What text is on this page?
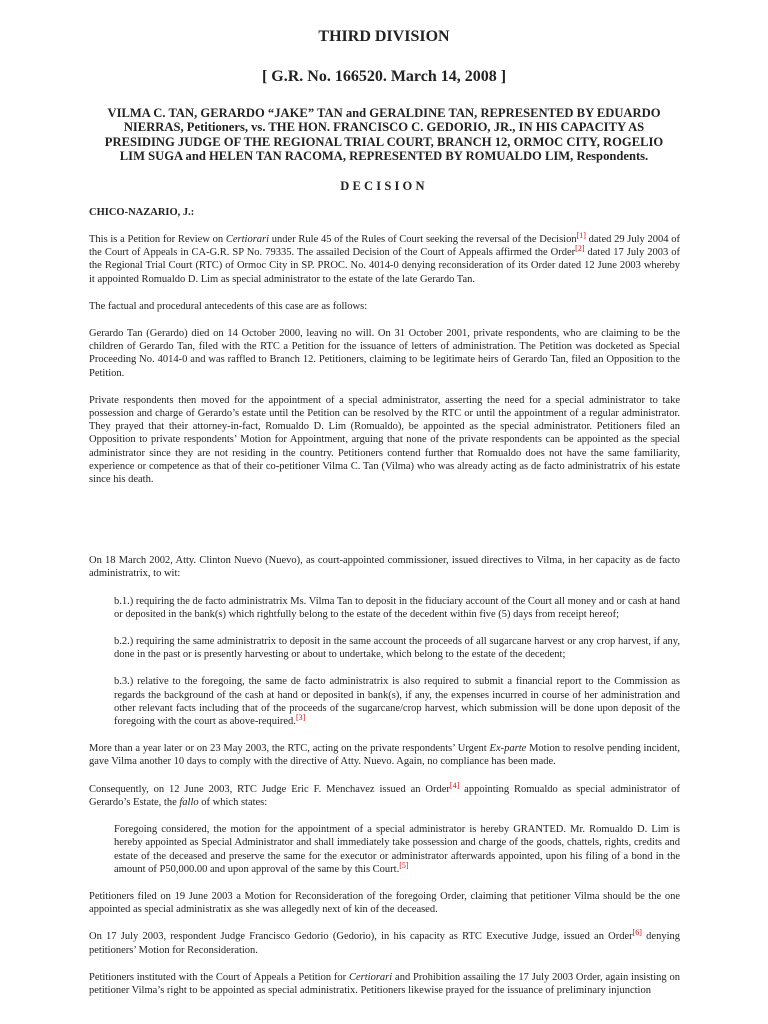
THIRD DIVISION
[ G.R. No. 166520. March 14, 2008 ]

VILMA C. TAN, GERARDO “JAKE” TAN and GERALDINE TAN, REPRESENTED BY EDUARDO NIERRAS, Petitioners, vs. THE HON. FRANCISCO C. GEDORIO, JR., IN HIS CAPACITY AS PRESIDING JUDGE OF THE REGIONAL TRIAL COURT, BRANCH 12, ORMOC CITY, ROGELIO LIM SUGA and HELEN TAN RACOMA, REPRESENTED BY ROMUALDO LIM, Respondents.

DECISION

CHICO-NAZARIO, J.:

This is a Petition for Review on Certiorari under Rule 45 of the Rules of Court seeking the reversal of the Decision[1] dated 29 July 2004 of the Court of Appeals in CA-G.R. SP No. 79335. The assailed Decision of the Court of Appeals affirmed the Order[2] dated 17 July 2003 of the Regional Trial Court (RTC) of Ormoc City in SP. PROC. No. 4014-0 denying reconsideration of its Order dated 12 June 2003 whereby it appointed Romualdo D. Lim as special administrator to the estate of the late Gerardo Tan.

The factual and procedural antecedents of this case are as follows:

Gerardo Tan (Gerardo) died on 14 October 2000, leaving no will. On 31 October 2001, private respondents, who are claiming to be the children of Gerardo Tan, filed with the RTC a Petition for the issuance of letters of administration. The Petition was docketed as Special Proceeding No. 4014-0 and was raffled to Branch 12. Petitioners, claiming to be legitimate heirs of Gerardo Tan, filed an Opposition to the Petition.

Private respondents then moved for the appointment of a special administrator, asserting the need for a special administrator to take possession and charge of Gerardo’s estate until the Petition can be resolved by the RTC or until the appointment of a regular administrator. They prayed that their attorney-in-fact, Romualdo D. Lim (Romualdo), be appointed as the special administrator. Petitioners filed an Opposition to private respondents’ Motion for Appointment, arguing that none of the private respondents can be appointed as the special administrator since they are not residing in the country. Petitioners contend further that Romualdo does not have the same familiarity, experience or competence as that of their co-petitioner Vilma C. Tan (Vilma) who was already acting as de facto administratrix of his estate since his death.

On 18 March 2002, Atty. Clinton Nuevo (Nuevo), as court-appointed commissioner, issued directives to Vilma, in her capacity as de facto administratrix, to wit:

b.1.) requiring the de facto administratrix Ms. Vilma Tan to deposit in the fiduciary account of the Court all money and or cash at hand or deposited in the bank(s) which rightfully belong to the estate of the decedent within five (5) days from receipt hereof;

b.2.) requiring the same administratrix to deposit in the same account the proceeds of all sugarcane harvest or any crop harvest, if any, done in the past or is presently harvesting or about to undertake, which belong to the estate of the decedent;

b.3.) relative to the foregoing, the same de facto administratrix is also required to submit a financial report to the Commission as regards the background of the cash at hand or deposited in bank(s), if any, the expenses incurred in course of her administration and other relevant facts including that of the proceeds of the sugarcane/crop harvest, which submission will be done upon deposit of the foregoing with the court as above-required.[3]

More than a year later or on 23 May 2003, the RTC, acting on the private respondents’ Urgent Ex-parte Motion to resolve pending incident, gave Vilma another 10 days to comply with the directive of Atty. Nuevo. Again, no compliance has been made.

Consequently, on 12 June 2003, RTC Judge Eric F. Menchavez issued an Order[4] appointing Romualdo as special administrator of Gerardo’s Estate, the fallo of which states:

Foregoing considered, the motion for the appointment of a special administrator is hereby GRANTED. Mr. Romualdo D. Lim is hereby appointed as Special Administrator and shall immediately take possession and charge of the goods, chattels, rights, credits and estate of the deceased and preserve the same for the executor or administrator afterwards appointed, upon his filing of a bond in the amount of P50,000.00 and upon approval of the same by this Court.[5]

Petitioners filed on 19 June 2003 a Motion for Reconsideration of the foregoing Order, claiming that petitioner Vilma should be the one appointed as special administratix as she was allegedly next of kin of the deceased.

On 17 July 2003, respondent Judge Francisco Gedorio (Gedorio), in his capacity as RTC Executive Judge, issued an Order[6] denying petitioners’ Motion for Reconsideration.

Petitioners instituted with the Court of Appeals a Petition for Certiorari and Prohibition assailing the 17 July 2003 Order, again insisting on petitioner Vilma’s right to be appointed as special administratix. Petitioners likewise prayed for the issuance of preliminary injunction
